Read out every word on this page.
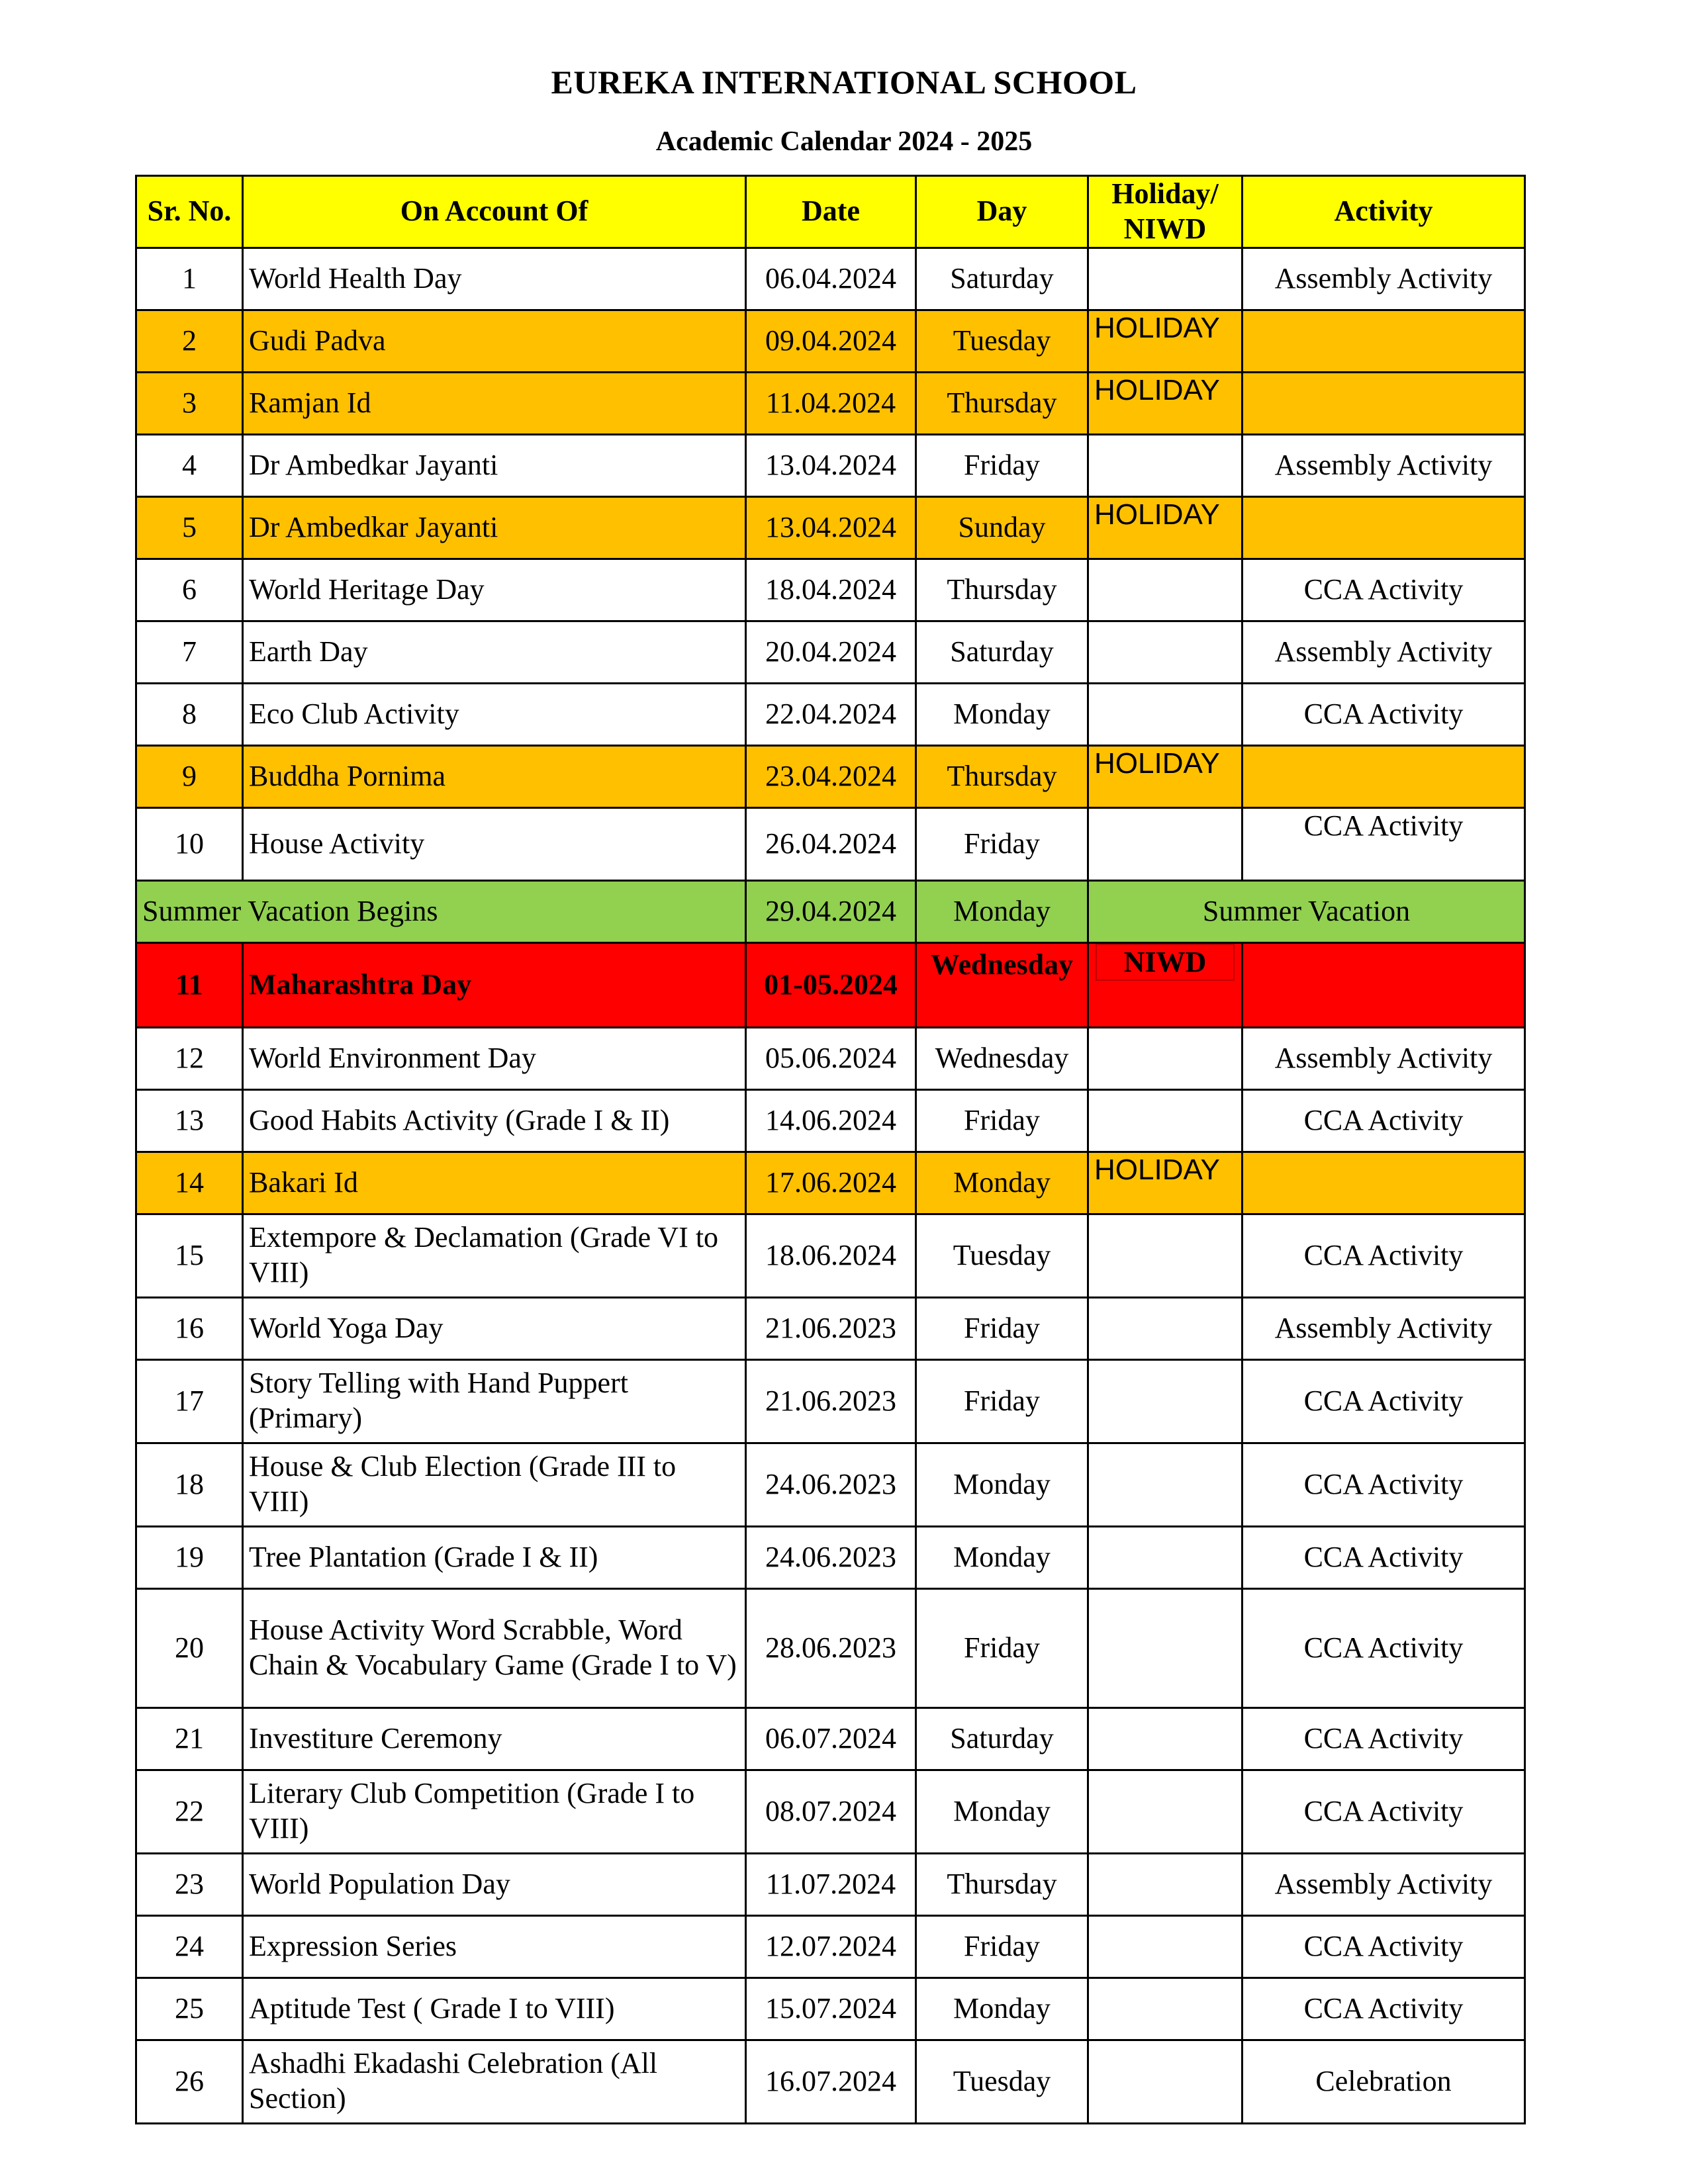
EUREKA INTERNATIONAL SCHOOL
Academic Calendar 2024 - 2025
Sr. No.	On Account Of	Date	Day	Holiday/ NIWD	Activity
1	World Health Day	06.04.2024	Saturday		Assembly Activity
2	Gudi Padva	09.04.2024	Tuesday	HOLIDAY	
3	Ramjan Id	11.04.2024	Thursday	HOLIDAY	
4	Dr Ambedkar Jayanti	13.04.2024	Friday		Assembly Activity
5	Dr Ambedkar Jayanti	13.04.2024	Sunday	HOLIDAY	
6	World Heritage Day	18.04.2024	Thursday		CCA Activity
7	Earth Day	20.04.2024	Saturday		Assembly Activity
8	Eco Club Activity	22.04.2024	Monday		CCA Activity
9	Buddha Pornima	23.04.2024	Thursday	HOLIDAY	
10	House Activity	26.04.2024	Friday		CCA Activity
Summer Vacation Begins		29.04.2024	Monday	Summer Vacation	
11	Maharashtra Day	01-05.2024	Wednesday	NIWD	

12	World Environment Day	05.06.2024	Wednesday		Assembly Activity
13	Good Habits Activity (Grade I & II)	14.06.2024	Friday		CCA Activity
14	Bakari Id	17.06.2024	Monday	HOLIDAY	
15	Extempore & Declamation (Grade VI to VIII)	18.06.2024	Tuesday		CCA Activity
16	World Yoga Day	21.06.2023	Friday		Assembly Activity
17	Story Telling with Hand Puppert (Primary)	21.06.2023	Friday		CCA Activity
18	House & Club Election (Grade III to VIII)	24.06.2023	Monday		CCA Activity
19	Tree Plantation (Grade I & II)	24.06.2023	Monday		CCA Activity
20	House Activity Word Scrabble, Word Chain & Vocabulary Game (Grade I to V)	28.06.2023	Friday		CCA Activity
21	Investiture Ceremony	06.07.2024	Saturday		CCA Activity
22	Literary Club Competition (Grade I to VIII)	08.07.2024	Monday		CCA Activity
23	World Population Day	11.07.2024	Thursday		Assembly Activity
24	Expression Series	12.07.2024	Friday		CCA Activity
25	Aptitude Test ( Grade I to VIII)	15.07.2024	Monday		CCA Activity
26	Ashadhi Ekadashi Celebration (All Section)	16.07.2024	Tuesday		Celebration
